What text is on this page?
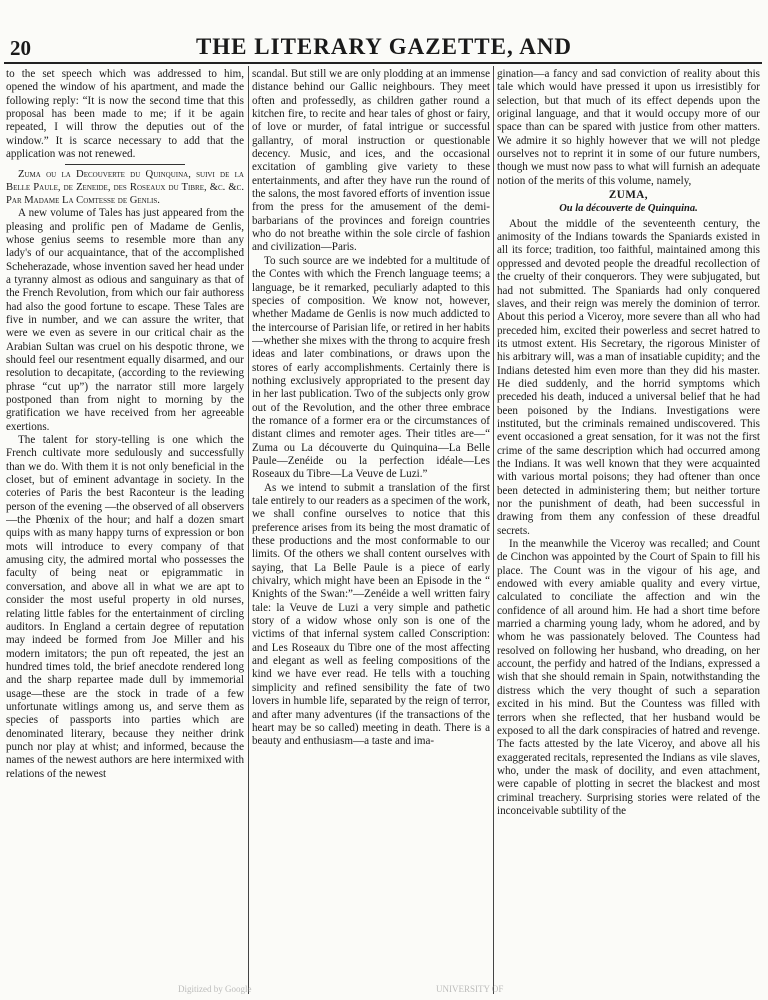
THE LITERARY GAZETTE, AND
20

to the set speech which was addressed to him, opened the window of his apartment, and made the following reply: “It is now the second time that this proposal has been made to me; if it be again repeated, I will throw the deputies out of the window.” It is scarce necessary to add that the application was not renewed.

Zuma ou la Decouverte du Quinquina, suivi de la Belle Paule, de Zeneide, des Roseaux du Tibre, &c. &c. Par Madame La Comtesse de Genlis.

A new volume of Tales has just appeared from the pleasing and prolific pen of Madame de Genlis, whose genius seems to resemble more than any lady's of our acquaintance, that of the accomplished Scheherazade, whose invention saved her head under a tyranny almost as odious and sanguinary as that of the French Revolution, from which our fair authoress had also the good fortune to escape. These Tales are five in number, and we can assure the writer, that were we even as severe in our critical chair as the Arabian Sultan was cruel on his despotic throne, we should feel our resentment equally disarmed, and our resolution to decapitate, (according to the reviewing phrase “cut up”) the narrator still more largely postponed than from night to morning by the gratification we have received from her agreeable exertions.

The talent for story-telling is one which the French cultivate more sedulously and successfully than we do. With them it is not only beneficial in the closet, but of eminent advantage in society. In the coteries of Paris the best Raconteur is the leading person of the evening —the observed of all observers—the Phœnix of the hour; and half a dozen smart quips with as many happy turns of expression or bon mots will introduce to every company of that amusing city, the admired mortal who possesses the faculty of being neat or epigrammatic in conversation, and above all in what we are apt to consider the most useful property in old nurses, relating little fables for the entertainment of circling auditors. In England a certain degree of reputation may indeed be formed from Joe Miller and his modern imitators; the pun oft repeated, the jest an hundred times told, the brief anecdote rendered long and the sharp repartee made dull by immemorial usage—these are the stock in trade of a few unfortunate witlings among us, and serve them as species of passports into parties which are denominated literary, because they neither drink punch nor play at whist; and informed, because the names of the newest authors are here intermixed with relations of the newest

scandal. But still we are only plodding at an immense distance behind our Gallic neighbours. They meet often and professedly, as children gather round a kitchen fire, to recite and hear tales of ghost or fairy, of love or murder, of fatal intrigue or successful gallantry, of moral instruction or questionable decency. Music, and ices, and the occasional excitation of gambling give variety to these entertainments, and after they have run the round of the salons, the most favored efforts of invention issue from the press for the amusement of the demi-barbarians of the provinces and foreign countries who do not breathe within the sole circle of fashion and civilization—Paris.

To such source are we indebted for a multitude of the Contes with which the French language teems; a language, be it remarked, peculiarly adapted to this species of composition. We know not, however, whether Madame de Genlis is now much addicted to the intercourse of Parisian life, or retired in her habits—whether she mixes with the throng to acquire fresh ideas and later combinations, or draws upon the stores of early accomplishments. Certainly there is nothing exclusively appropriated to the present day in her last publication. Two of the subjects only grow out of the Revolution, and the other three embrace the romance of a former era or the circumstances of distant climes and remoter ages. Their titles are—“ Zuma ou La découverte du Quinquina—La Belle Paule—Zenéide ou la perfection idéale—Les Roseaux du Tibre—La Veuve de Luzi.”

As we intend to submit a translation of the first tale entirely to our readers as a specimen of the work, we shall confine ourselves to notice that this preference arises from its being the most dramatic of these productions and the most conformable to our limits. Of the others we shall content ourselves with saying, that La Belle Paule is a piece of early chivalry, which might have been an Episode in the “ Knights of the Swan:”—Zenéide a well written fairy tale: la Veuve de Luzi a very simple and pathetic story of a widow whose only son is one of the victims of that infernal system called Conscription: and Les Roseaux du Tibre one of the most affecting and elegant as well as feeling compositions of the kind we have ever read. He tells with a touching simplicity and refined sensibility the fate of two lovers in humble life, separated by the reign of terror, and after many adventures (if the transactions of the heart may be so called) meeting in death. There is a beauty and enthusiasm—a taste and ima-

gination—a fancy and sad conviction of reality about this tale which would have pressed it upon us irresistibly for selection, but that much of its effect depends upon the original language, and that it would occupy more of our space than can be spared with justice from other matters. We admire it so highly however that we will not pledge ourselves not to reprint it in some of our future numbers, though we must now pass to what will furnish an adequate notion of the merits of this volume, namely,

ZUMA,

Ou la découverte de Quinquina.

About the middle of the seventeenth century, the animosity of the Indians towards the Spaniards existed in all its force; tradition, too faithful, maintained among this oppressed and devoted people the dreadful recollection of the cruelty of their conquerors. They were subjugated, but had not submitted. The Spaniards had only conquered slaves, and their reign was merely the dominion of terror. About this period a Viceroy, more severe than all who had preceded him, excited their powerless and secret hatred to its utmost extent. His Secretary, the rigorous Minister of his arbitrary will, was a man of insatiable cupidity; and the Indians detested him even more than they did his master. He died suddenly, and the horrid symptoms which preceded his death, induced a universal belief that he had been poisoned by the Indians. Investigations were instituted, but the criminals remained undiscovered. This event occasioned a great sensation, for it was not the first crime of the same description which had occurred among the Indians. It was well known that they were acquainted with various mortal poisons; they had oftener than once been detected in administering them; but neither torture nor the punishment of death, had been successful in drawing from them any confession of these dreadful secrets.

In the meanwhile the Viceroy was recalled; and Count de Cinchon was appointed by the Court of Spain to fill his place. The Count was in the vigour of his age, and endowed with every amiable quality and every virtue, calculated to conciliate the affection and win the confidence of all around him. He had a short time before married a charming young lady, whom he adored, and by whom he was passionately beloved. The Countess had resolved on following her husband, who dreading, on her account, the perfidy and hatred of the Indians, expressed a wish that she should remain in Spain, notwithstanding the distress which the very thought of such a separation excited in his mind. But the Countess was filled with terrors when she reflected, that her husband would be exposed to all the dark conspiracies of hatred and revenge. The facts attested by the late Viceroy, and above all his exaggerated recitals, represented the Indians as vile slaves, who, under the mask of docility, and even attachment, were capable of plotting in secret the blackest and most criminal treachery. Surprising stories were related of the inconceivable subtility of the

Digitized by Google	UNIVERSITY OF
